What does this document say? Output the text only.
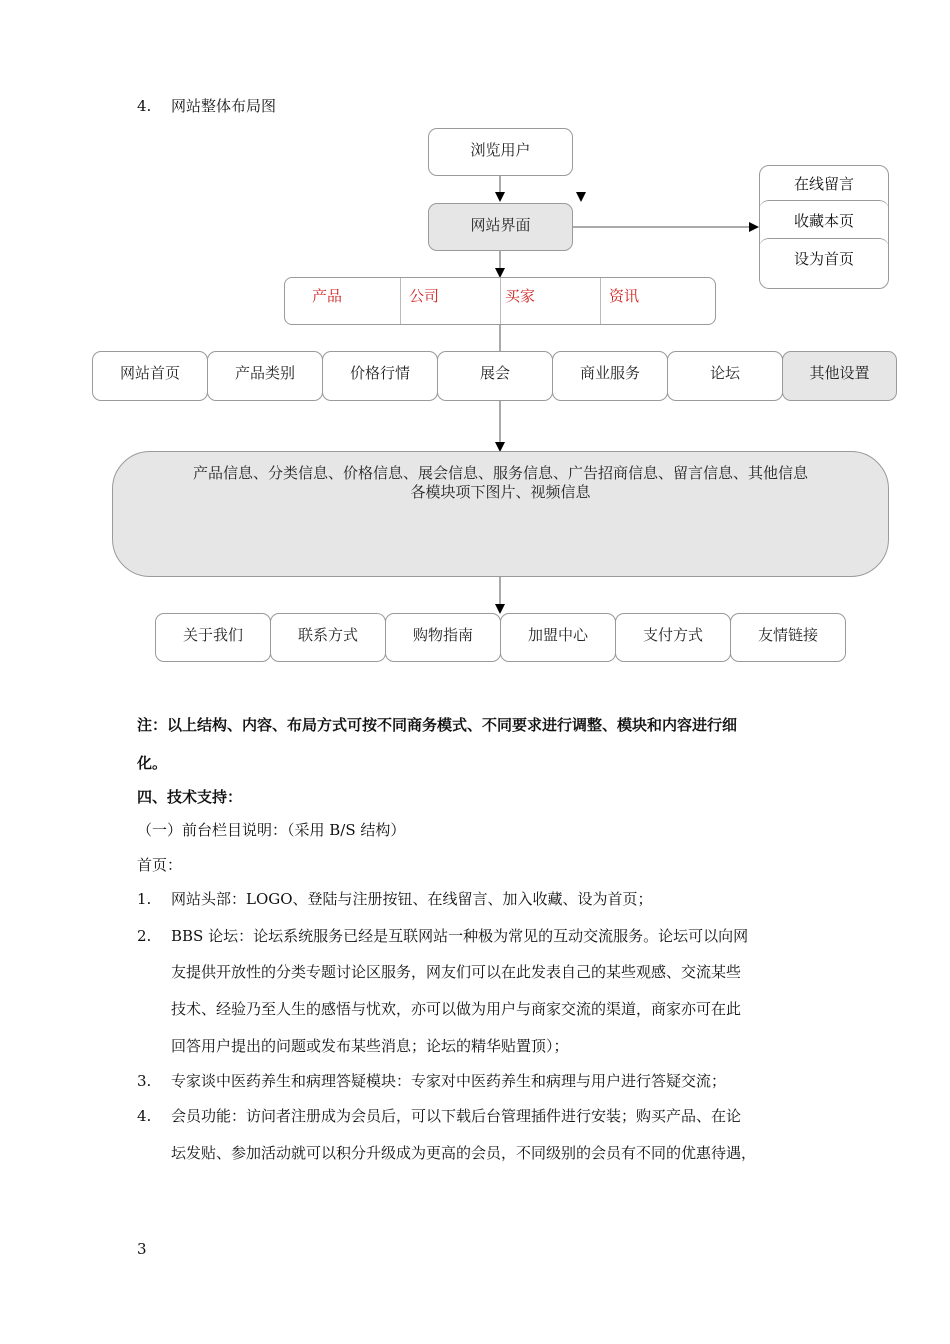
4. 网站整体布局图
浏览用户
网站界面
在线留言
收藏本页
设为首页
产品	公司	买家	资讯
网站首页	产品类别	价格行情	展会	商业服务	论坛	其他设置
产品信息、分类信息、价格信息、展会信息、服务信息、广告招商信息、留言信息、其他信息
各模块项下图片、视频信息
关于我们	联系方式	购物指南	加盟中心	支付方式	友情链接
注：以上结构、内容、布局方式可按不同商务模式、不同要求进行调整、模块和内容进行细
化。
四、技术支持：
（一）前台栏目说明：（采用 B/S 结构）
首页：
1. 网站头部：LOGO、登陆与注册按钮、在线留言、加入收藏、设为首页；
2. BBS 论坛：论坛系统服务已经是互联网站一种极为常见的互动交流服务。论坛可以向网
友提供开放性的分类专题讨论区服务，网友们可以在此发表自己的某些观感、交流某些
技术、经验乃至人生的感悟与忧欢，亦可以做为用户与商家交流的渠道，商家亦可在此
回答用户提出的问题或发布某些消息；论坛的精华贴置顶）；
3. 专家谈中医药养生和病理答疑模块：专家对中医药养生和病理与用户进行答疑交流；
4. 会员功能：访问者注册成为会员后，可以下载后台管理插件进行安装；购买产品、在论
坛发贴、参加活动就可以积分升级成为更高的会员，不同级别的会员有不同的优惠待遇，
3
